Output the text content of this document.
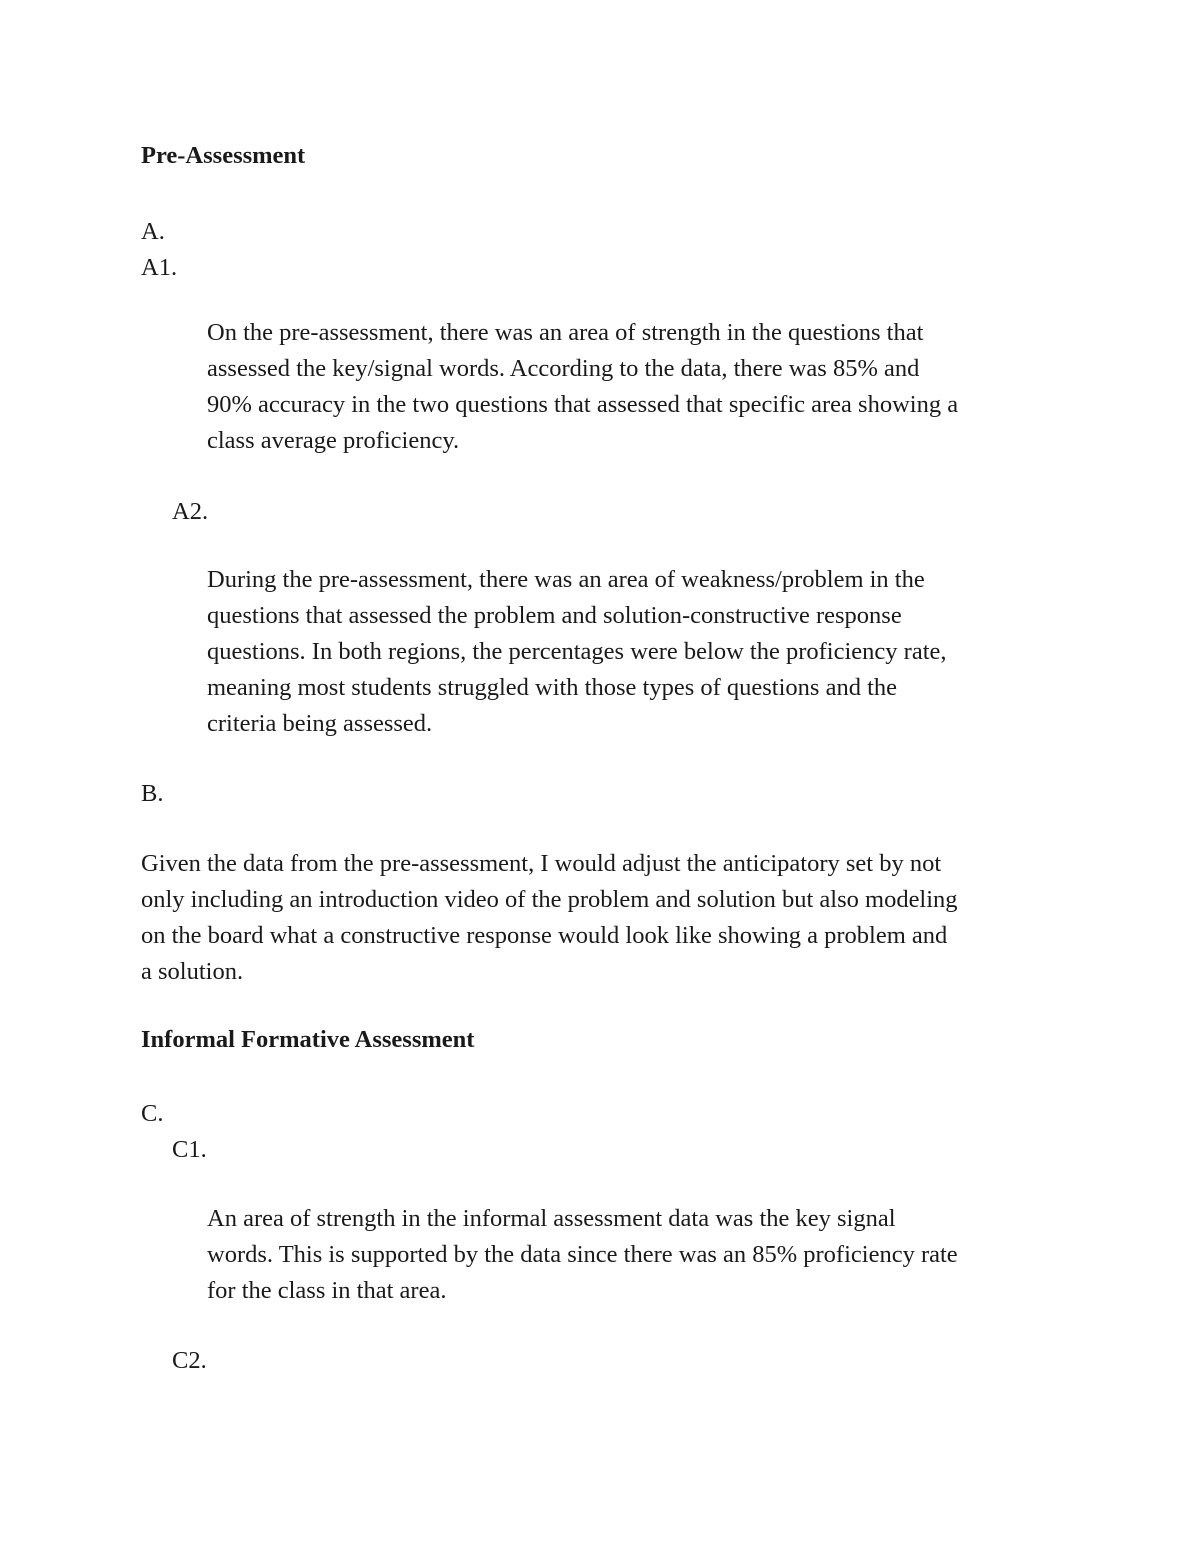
Pre-Assessment
A.
A1.
On the pre-assessment, there was an area of strength in the questions that
assessed the key/signal words. According to the data, there was 85% and
90% accuracy in the two questions that assessed that specific area showing a
class average proficiency.
A2.
During the pre-assessment, there was an area of weakness/problem in the
questions that assessed the problem and solution-constructive response
questions. In both regions, the percentages were below the proficiency rate,
meaning most students struggled with those types of questions and the
criteria being assessed.
B.
Given the data from the pre-assessment, I would adjust the anticipatory set by not
only including an introduction video of the problem and solution but also modeling
on the board what a constructive response would look like showing a problem and
a solution.
Informal Formative Assessment
C.
C1.
An area of strength in the informal assessment data was the key signal
words. This is supported by the data since there was an 85% proficiency rate
for the class in that area.
C2.
